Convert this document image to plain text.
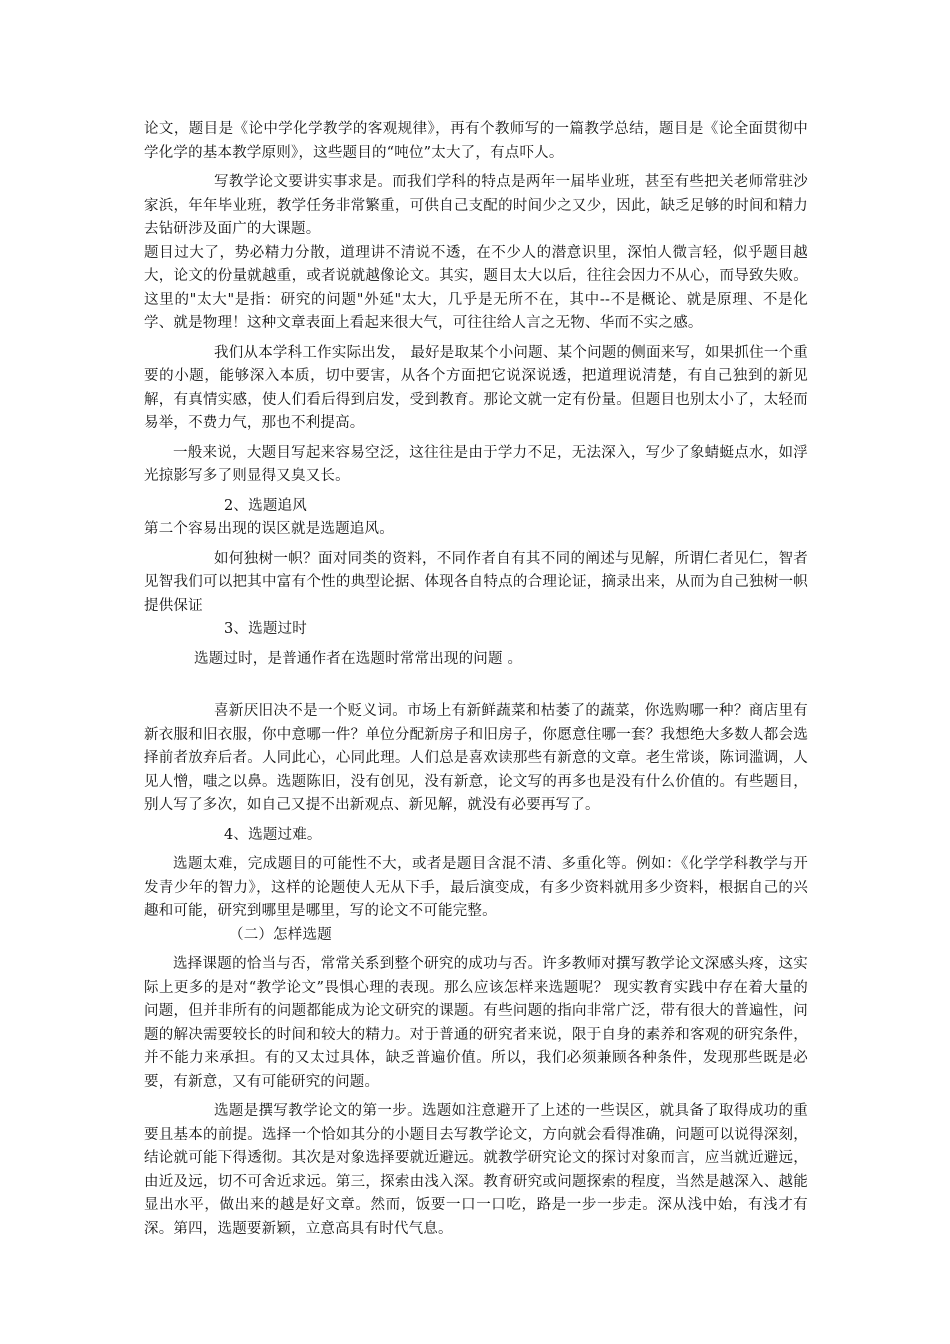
论文，题目是《论中学化学教学的客观规律》，再有个教师写的一篇教学总结，题目是《论全面贯彻中学化学的基本教学原则》，这些题目的“吨位”太大了，有点吓人。

写教学论文要讲实事求是。而我们学科的特点是两年一届毕业班，甚至有些把关老师常驻沙家浜，年年毕业班，教学任务非常繁重，可供自己支配的时间少之又少，因此，缺乏足够的时间和精力去钻研涉及面广的大课题。

题目过大了，势必精力分散，道理讲不清说不透，在不少人的潜意识里，深怕人微言轻，似乎题目越大，论文的份量就越重，或者说就越像论文。其实，题目太大以后，往往会因力不从心，而导致失败。这里的"太大"是指：研究的问题"外延"太大，几乎是无所不在，其中--不是概论、就是原理、不是化学、就是物理！这种文章表面上看起来很大气，可往往给人言之无物、华而不实之感。

我们从本学科工作实际出发， 最好是取某个小问题、某个问题的侧面来写，如果抓住一个重要的小题，能够深入本质，切中要害，从各个方面把它说深说透，把道理说清楚，有自己独到的新见解，有真情实感，使人们看后得到启发，受到教育。那论文就一定有份量。但题目也别太小了，太轻而易举，不费力气，那也不利提高。

一般来说，大题目写起来容易空泛，这往往是由于学力不足，无法深入，写少了象蜻蜓点水，如浮光掠影写多了则显得又臭又长。

2、选题追风

第二个容易出现的误区就是选题追风。

如何独树一帜？面对同类的资料，不同作者自有其不同的阐述与见解，所谓仁者见仁，智者见智我们可以把其中富有个性的典型论据、体现各自特点的合理论证，摘录出来，从而为自己独树一帜提供保证

3、选题过时

选题过时，是普通作者在选题时常常出现的问题 。

喜新厌旧决不是一个贬义词。市场上有新鲜蔬菜和枯萎了的蔬菜，你选购哪一种？商店里有新衣服和旧衣服，你中意哪一件？单位分配新房子和旧房子，你愿意住哪一套？我想绝大多数人都会选择前者放弃后者。人同此心，心同此理。人们总是喜欢读那些有新意的文章。老生常谈，陈词滥调，人见人憎，嗤之以鼻。选题陈旧，没有创见，没有新意，论文写的再多也是没有什么价值的。有些题目，别人写了多次，如自己又提不出新观点、新见解，就没有必要再写了。

4、选题过难。

选题太难，完成题目的可能性不大，或者是题目含混不清、多重化等。例如：《化学学科教学与开发青少年的智力》，这样的论题使人无从下手，最后演变成，有多少资料就用多少资料，根据自己的兴趣和可能，研究到哪里是哪里，写的论文不可能完整。

（二）怎样选题

选择课题的恰当与否，常常关系到整个研究的成功与否。许多教师对撰写教学论文深感头疼，这实际上更多的是对“教学论文”畏惧心理的表现。那么应该怎样来选题呢？ 现实教育实践中存在着大量的问题，但并非所有的问题都能成为论文研究的课题。有些问题的指向非常广泛，带有很大的普遍性，问题的解决需要较长的时间和较大的精力。对于普通的研究者来说，限于自身的素养和客观的研究条件，并不能力来承担。有的又太过具体，缺乏普遍价值。所以，我们必须兼顾各种条件，发现那些既是必要，有新意，又有可能研究的问题。

选题是撰写教学论文的第一步。选题如注意避开了上述的一些误区，就具备了取得成功的重要且基本的前提。选择一个恰如其分的小题目去写教学论文，方向就会看得准确，问题可以说得深刻，结论就可能下得透彻。其次是对象选择要就近避远。就教学研究论文的探讨对象而言，应当就近避远，由近及远，切不可舍近求远。第三，探索由浅入深。教育研究或问题探索的程度，当然是越深入、越能显出水平，做出来的越是好文章。然而，饭要一口一口吃，路是一步一步走。深从浅中始，有浅才有深。第四，选题要新颖，立意高具有时代气息。
